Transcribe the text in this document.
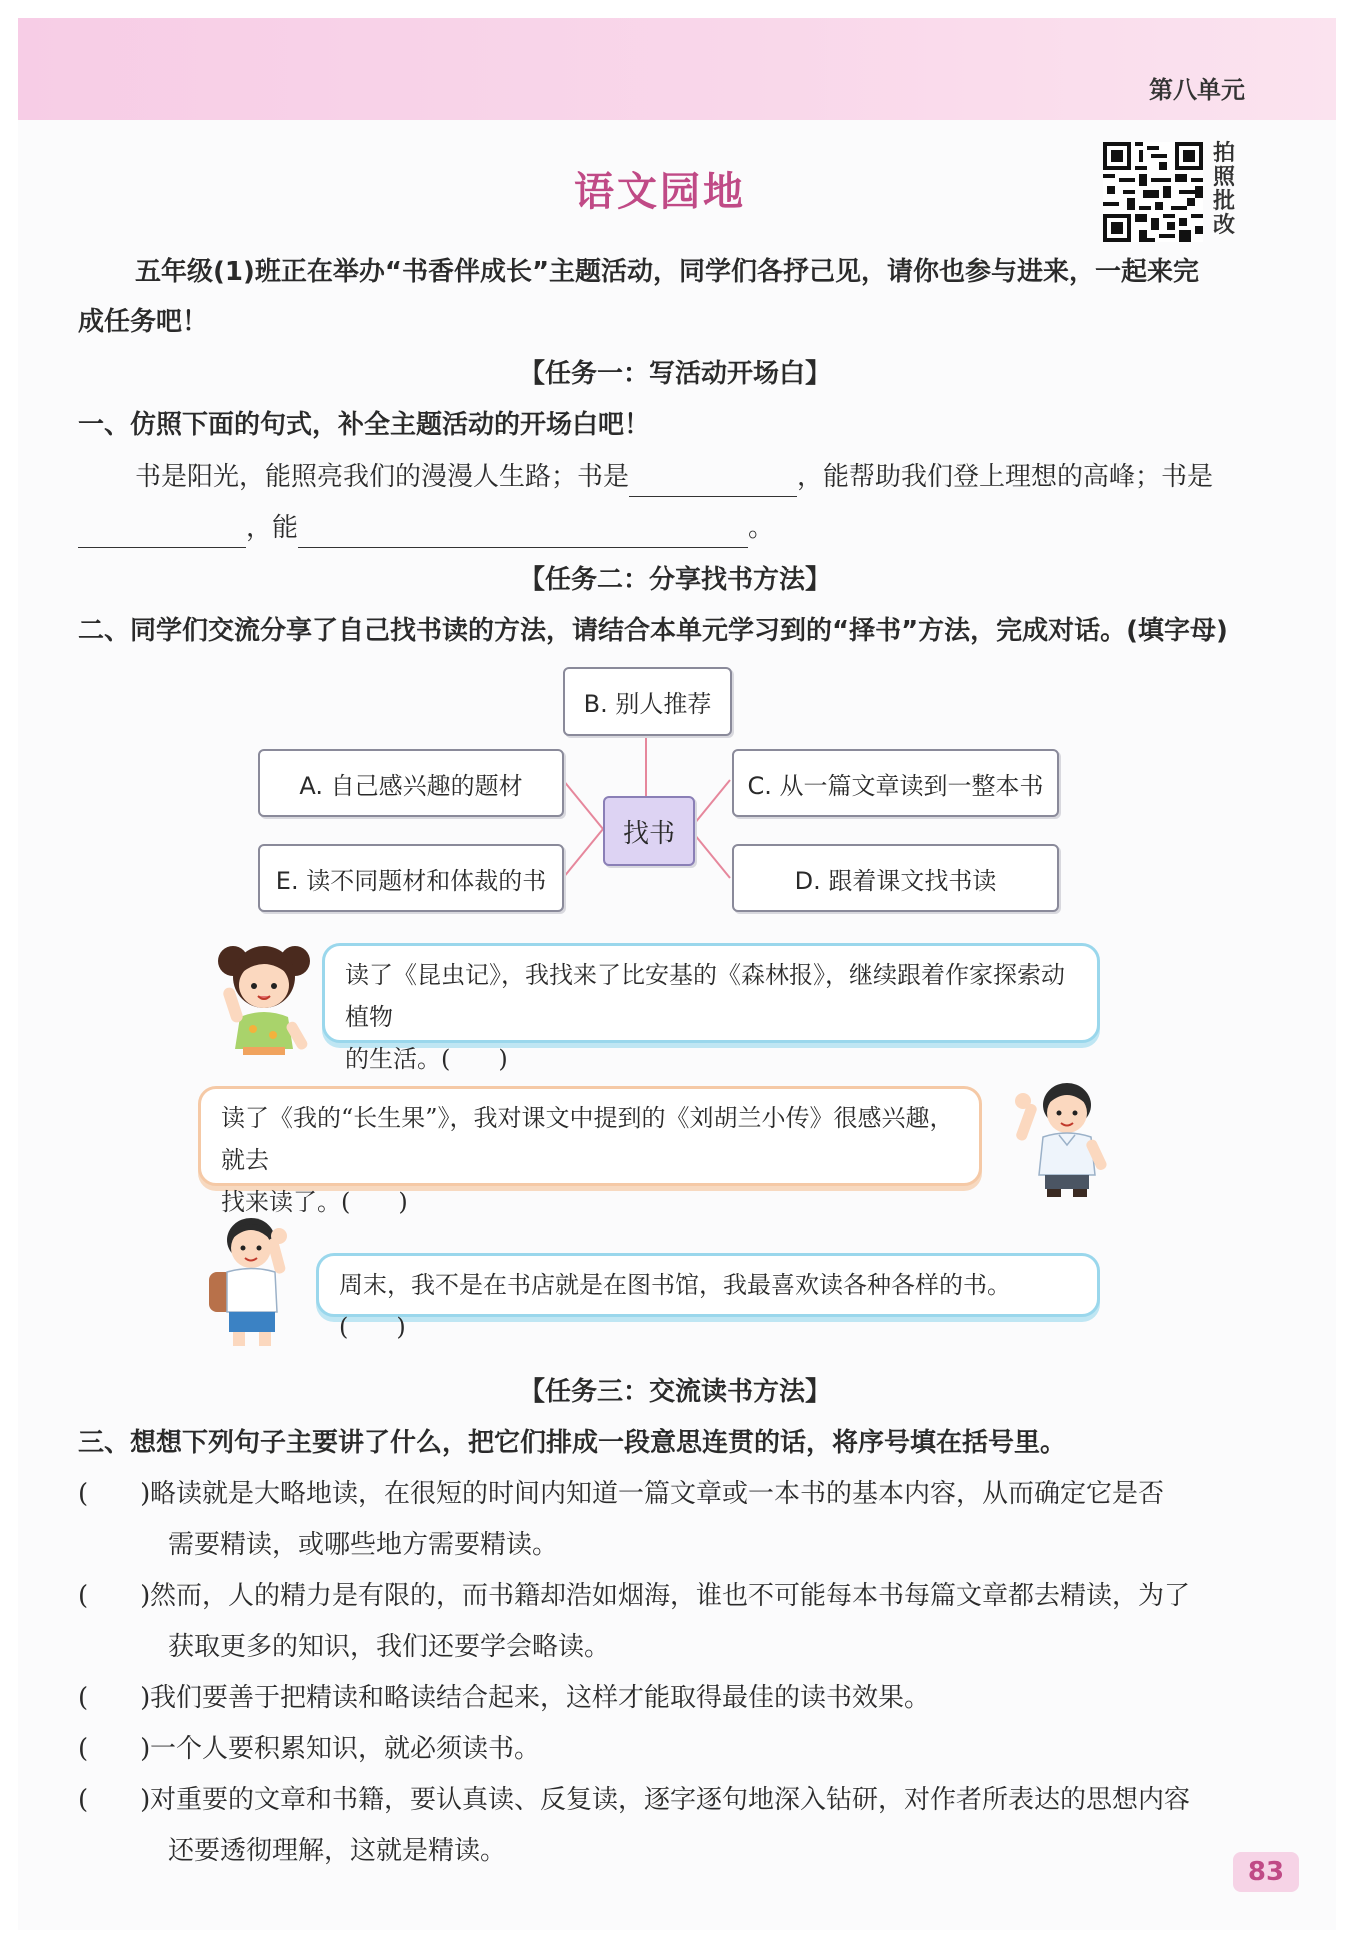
第八单元
语文园地
拍照批改
五年级(1)班正在举办“书香伴成长”主题活动，同学们各抒己见，请你也参与进来，一起来完
成任务吧！
【任务一：写活动开场白】
一、仿照下面的句式，补全主题活动的开场白吧！
书是阳光，能照亮我们的漫漫人生路；书是	，能帮助我们登上理想的高峰；书是
，能	。
【任务二：分享找书方法】
二、同学们交流分享了自己找书读的方法，请结合本单元学习到的“择书”方法，完成对话。(填字母)
B. 别人推荐
A. 自己感兴趣的题材	C. 从一篇文章读到一整本书
E. 读不同题材和体裁的书	D. 跟着课文找书读
找书
读了《昆虫记》，我找来了比安基的《森林报》，继续跟着作家探索动植物
的生活。(　　)
读了《我的“长生果”》，我对课文中提到的《刘胡兰小传》很感兴趣，就去
找来读了。(　　)
周末，我不是在书店就是在图书馆，我最喜欢读各种各样的书。(　　)
【任务三：交流读书方法】
三、想想下列句子主要讲了什么，把它们排成一段意思连贯的话，将序号填在括号里。
(　　) 略读就是大略地读，在很短的时间内知道一篇文章或一本书的基本内容，从而确定它是否
需要精读，或哪些地方需要精读。
(　　) 然而，人的精力是有限的，而书籍却浩如烟海，谁也不可能每本书每篇文章都去精读，为了
获取更多的知识，我们还要学会略读。
(　　) 我们要善于把精读和略读结合起来，这样才能取得最佳的读书效果。
(　　) 一个人要积累知识，就必须读书。
(　　) 对重要的文章和书籍，要认真读、反复读，逐字逐句地深入钻研，对作者所表达的思想内容
还要透彻理解，这就是精读。
83
